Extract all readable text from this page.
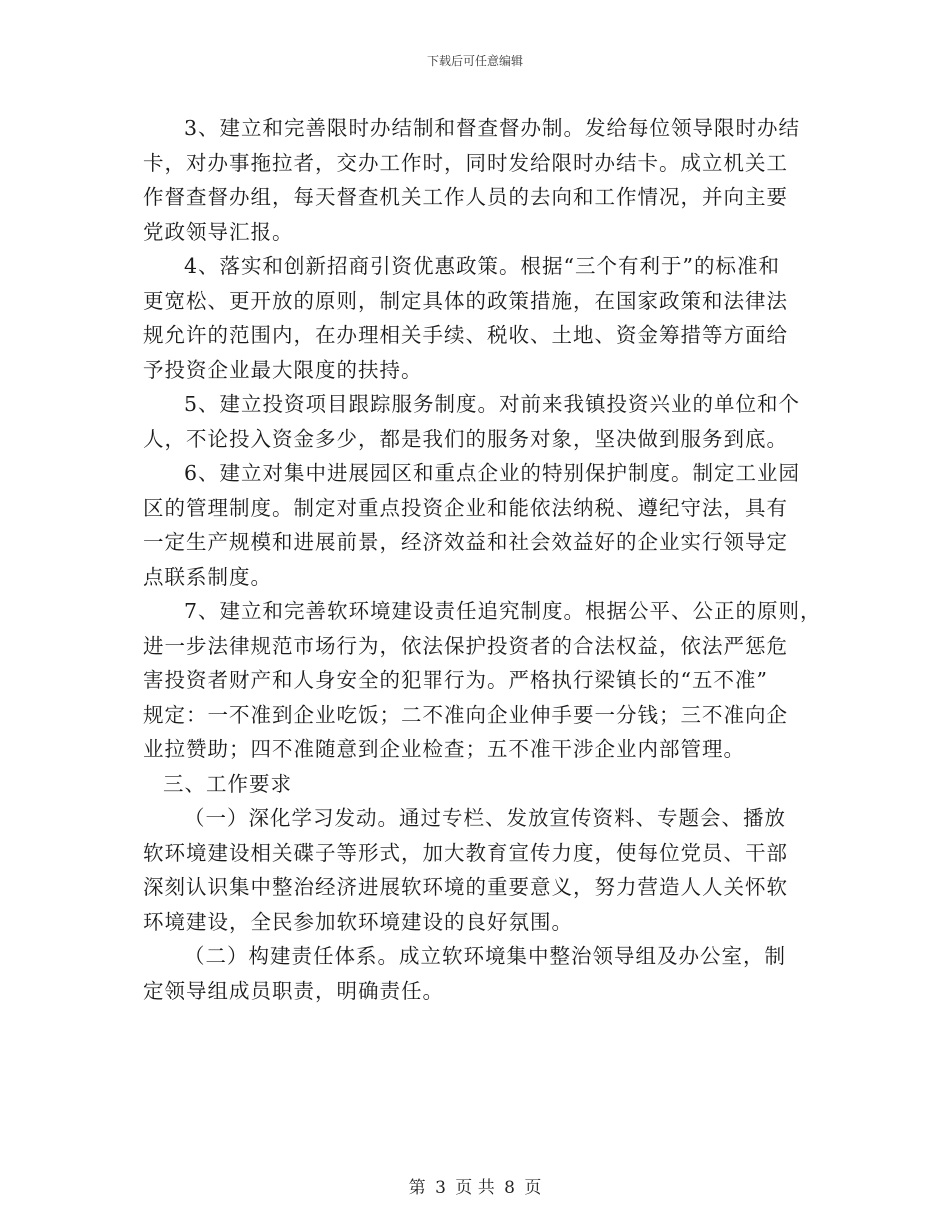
下载后可任意编辑
3、建立和完善限时办结制和督查督办制。发给每位领导限时办结
卡，对办事拖拉者，交办工作时，同时发给限时办结卡。成立机关工
作督查督办组，每天督查机关工作人员的去向和工作情况，并向主要
党政领导汇报。
4、落实和创新招商引资优惠政策。根据“三个有利于”的标准和
更宽松、更开放的原则，制定具体的政策措施，在国家政策和法律法
规允许的范围内，在办理相关手续、税收、土地、资金筹措等方面给
予投资企业最大限度的扶持。
5、建立投资项目跟踪服务制度。对前来我镇投资兴业的单位和个
人，不论投入资金多少，都是我们的服务对象，坚决做到服务到底。
6、建立对集中进展园区和重点企业的特别保护制度。制定工业园
区的管理制度。制定对重点投资企业和能依法纳税、遵纪守法，具有
一定生产规模和进展前景，经济效益和社会效益好的企业实行领导定
点联系制度。
7、建立和完善软环境建设责任追究制度。根据公平、公正的原则，
进一步法律规范市场行为，依法保护投资者的合法权益，依法严惩危
害投资者财产和人身安全的犯罪行为。严格执行梁镇长的“五不准”
规定：一不准到企业吃饭；二不准向企业伸手要一分钱；三不准向企
业拉赞助；四不准随意到企业检查；五不准干涉企业内部管理。
三、工作要求
（一）深化学习发动。通过专栏、发放宣传资料、专题会、播放
软环境建设相关碟子等形式，加大教育宣传力度，使每位党员、干部
深刻认识集中整治经济进展软环境的重要意义，努力营造人人关怀软
环境建设，全民参加软环境建设的良好氛围。
（二）构建责任体系。成立软环境集中整治领导组及办公室，制
定领导组成员职责，明确责任。
第 3 页 共 8 页
